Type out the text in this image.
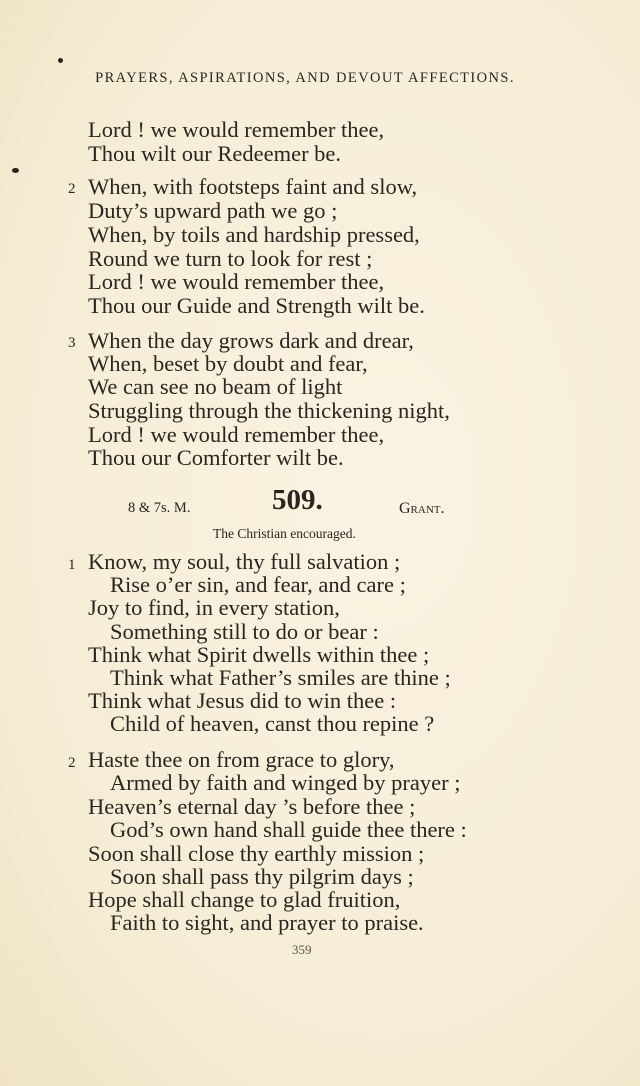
PRAYERS, ASPIRATIONS, AND DEVOUT AFFECTIONS.
Lord ! we would remember thee,
Thou wilt our Redeemer be.
2 When, with footsteps faint and slow,
Duty’s upward path we go ;
When, by toils and hardship pressed,
Round we turn to look for rest ;
Lord ! we would remember thee,
Thou our Guide and Strength wilt be.
3 When the day grows dark and drear,
When, beset by doubt and fear,
We can see no beam of light
Struggling through the thickening night,
Lord ! we would remember thee,
Thou our Comforter wilt be.
8 & 7s. M.	509.	Grant.
The Christian encouraged.
1 Know, my soul, thy full salvation ;
Rise o’er sin, and fear, and care ;
Joy to find, in every station,
Something still to do or bear :
Think what Spirit dwells within thee ;
Think what Father’s smiles are thine ;
Think what Jesus did to win thee :
Child of heaven, canst thou repine ?
2 Haste thee on from grace to glory,
Armed by faith and winged by prayer ;
Heaven’s eternal day ’s before thee ;
God’s own hand shall guide thee there :
Soon shall close thy earthly mission ;
Soon shall pass thy pilgrim days ;
Hope shall change to glad fruition,
Faith to sight, and prayer to praise.
359
